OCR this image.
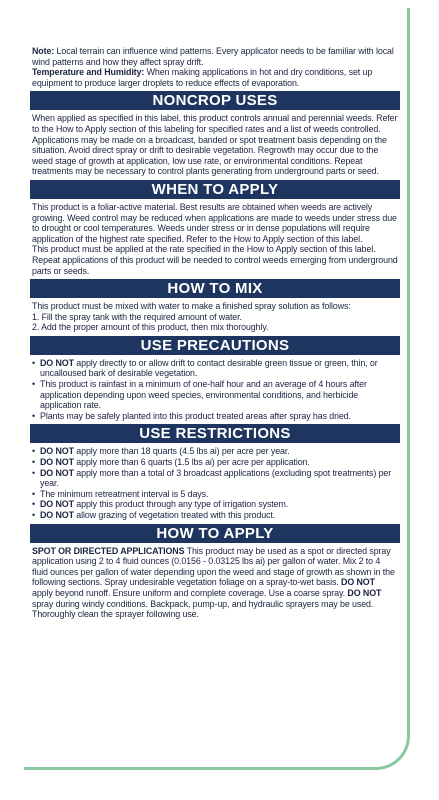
Note: Local terrain can influence wind patterns. Every applicator needs to be familiar with local wind patterns and how they affect spray drift.

Temperature and Humidity: When making applications in hot and dry conditions, set up equipment to produce larger droplets to reduce effects of evaporation.

NONCROP USES

When applied as specified in this label, this product controls annual and perennial weeds. Refer to the How to Apply section of this labeling for specified rates and a list of weeds controlled. Applications may be made on a broadcast, banded or spot treatment basis depending on the situation. Avoid direct spray or drift to desirable vegetation. Regrowth may occur due to the weed stage of growth at application, low use rate, or environmental conditions. Repeat treatments may be necessary to control plants generating from underground parts or seed.

WHEN TO APPLY

This product is a foliar-active material. Best results are obtained when weeds are actively growing. Weed control may be reduced when applications are made to weeds under stress due to drought or cool temperatures. Weeds under stress or in dense populations will require application of the highest rate specified. Refer to the How to Apply section of this label.

This product must be applied at the rate specified in the How to Apply section of this label. Repeat applications of this product will be needed to control weeds emerging from underground parts or seeds.

HOW TO MIX

This product must be mixed with water to make a finished spray solution as follows:

1. Fill the spray tank with the required amount of water.

2. Add the proper amount of this product, then mix thoroughly.

USE PRECAUTIONS
• DO NOT apply directly to or allow drift to contact desirable green tissue or green, thin, or uncalloused bark of desirable vegetation.
• This product is rainfast in a minimum of one-half hour and an average of 4 hours after application depending upon weed species, environmental conditions, and herbicide application rate.
• Plants may be safely planted into this product treated areas after spray has dried.
USE RESTRICTIONS
• DO NOT apply more than 18 quarts (4.5 lbs ai) per acre per year.
• DO NOT apply more than 6 quarts (1.5 lbs ai) per acre per application.
• DO NOT apply more than a total of 3 broadcast applications (excluding spot treatments) per year.
• The minimum retreatment interval is 5 days.
• DO NOT apply this product through any type of irrigation system.
• DO NOT allow grazing of vegetation treated with this product.
HOW TO APPLY

SPOT OR DIRECTED APPLICATIONS This product may be used as a spot or directed spray application using 2 to 4 fluid ounces (0.0156 - 0.03125 lbs ai) per gallon of water. Mix 2 to 4 fluid ounces per gallon of water depending upon the weed and stage of growth as shown in the following sections. Spray undesirable vegetation foliage on a spray-to-wet basis. DO NOT apply beyond runoff. Ensure uniform and complete coverage. Use a coarse spray. DO NOT spray during windy conditions. Backpack, pump-up, and hydraulic sprayers may be used. Thoroughly clean the sprayer following use.
